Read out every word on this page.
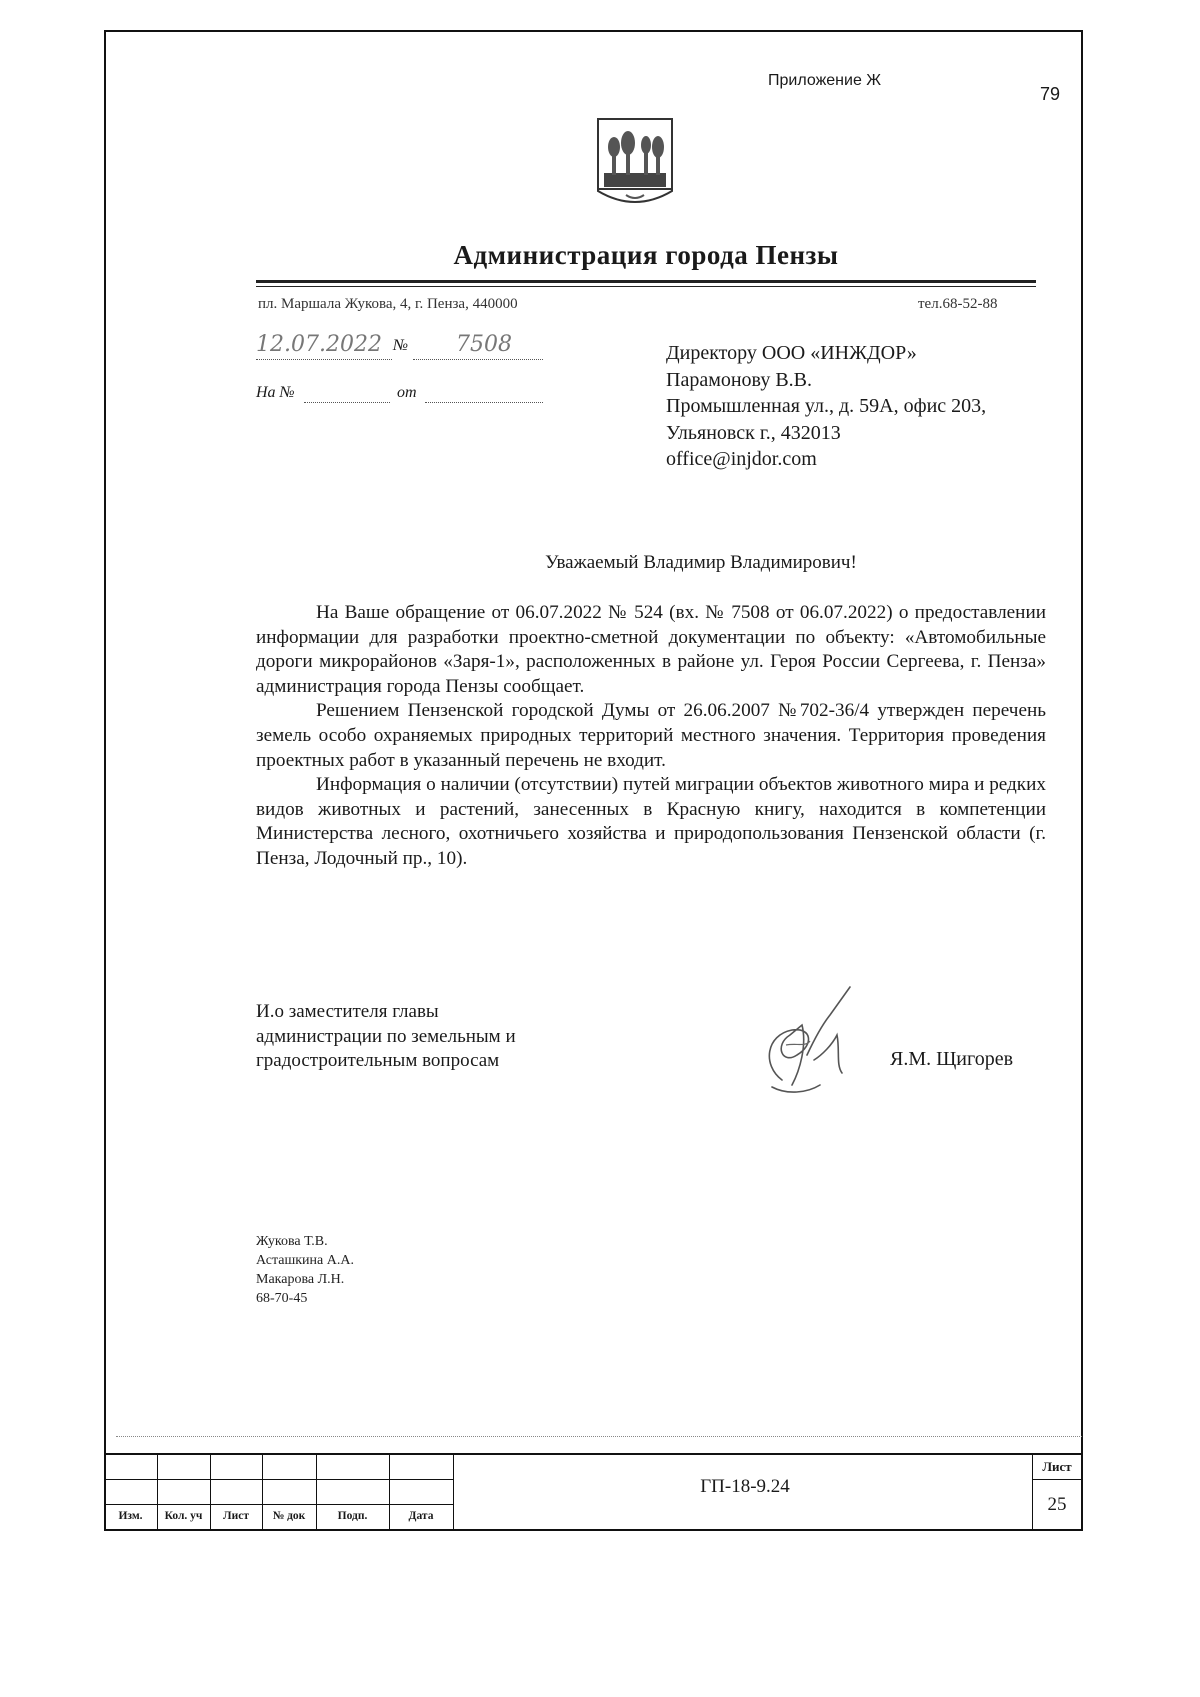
Приложение Ж
79
Администрация города Пензы
пл. Маршала Жукова, 4, г. Пенза, 440000	тел.68-52-88
12.07.2022 № 7508
На №	от
Директору ООО «ИНЖДОР»
Парамонову В.В.
Промышленная ул., д. 59А, офис 203,
Ульяновск г., 432013
office@injdor.com
Уважаемый Владимир Владимирович!

На Ваше обращение от 06.07.2022 № 524 (вх. № 7508 от 06.07.2022) о предоставлении информации для разработки проектно-сметной документации по объекту: «Автомобильные дороги микрорайонов «Заря-1», расположенных в районе ул. Героя России Сергеева, г. Пенза» администрация города Пензы сообщает.

Решением Пензенской городской Думы от 26.06.2007 №702-36/4 утвержден перечень земель особо охраняемых природных территорий местного значения. Территория проведения проектных работ в указанный перечень не входит.

Информация о наличии (отсутствии) путей миграции объектов животного мира и редких видов животных и растений, занесенных в Красную книгу, находится в компетенции Министерства лесного, охотничьего хозяйства и природопользования Пензенской области (г. Пенза, Лодочный пр., 10).

И.о заместителя главы
администрации по земельным и
градостроительным вопросам	Я.М. Щигорев
Жукова Т.В.
Асташкина А.А.
Макарова Л.Н.
68-70-45
Изм.	Кол. уч	Лист	№ док	Подп.	Дата
ГП-18-9.24
Лист
25
